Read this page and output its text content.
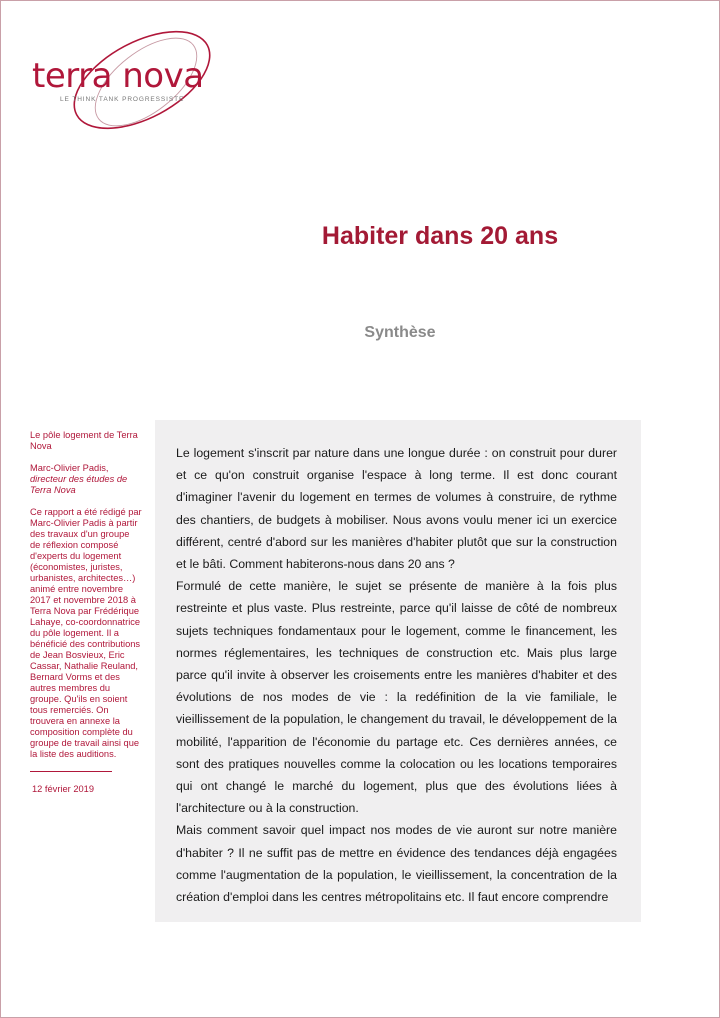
terra nova
LE THINK TANK PROGRESSISTE
Habiter dans 20 ans
Synthèse

Le pôle logement de Terra Nova

Marc-Olivier Padis,
directeur des études de Terra Nova

Ce rapport a été rédigé par Marc-Olivier Padis à partir des travaux d'un groupe de réflexion composé d'experts du logement (économistes, juristes, urbanistes, architectes…) animé entre novembre 2017 et novembre 2018 à Terra Nova par Frédérique Lahaye, co-coordonnatrice du pôle logement. Il a bénéficié des contributions de Jean Bosvieux, Eric Cassar, Nathalie Reuland, Bernard Vorms et des autres membres du groupe. Qu'ils en soient tous remerciés. On trouvera en annexe la composition complète du groupe de travail ainsi que la liste des auditions.

12 février 2019

Le logement s'inscrit par nature dans une longue durée : on construit pour durer et ce qu'on construit organise l'espace à long terme. Il est donc courant d'imaginer l'avenir du logement en termes de volumes à construire, de rythme des chantiers, de budgets à mobiliser. Nous avons voulu mener ici un exercice différent, centré d'abord sur les manières d'habiter plutôt que sur la construction et le bâti. Comment habiterons-nous dans 20 ans ?

Formulé de cette manière, le sujet se présente de manière à la fois plus restreinte et plus vaste. Plus restreinte, parce qu'il laisse de côté de nombreux sujets techniques fondamentaux pour le logement, comme le financement, les normes réglementaires, les techniques de construction etc. Mais plus large parce qu'il invite à observer les croisements entre les manières d'habiter et des évolutions de nos modes de vie : la redéfinition de la vie familiale, le vieillissement de la population, le changement du travail, le développement de la mobilité, l'apparition de l'économie du partage etc. Ces dernières années, ce sont des pratiques nouvelles comme la colocation ou les locations temporaires qui ont changé le marché du logement, plus que des évolutions liées à l'architecture ou à la construction.

Mais comment savoir quel impact nos modes de vie auront sur notre manière d'habiter ? Il ne suffit pas de mettre en évidence des tendances déjà engagées comme l'augmentation de la population, le vieillissement, la concentration de la création d'emploi dans les centres métropolitains etc. Il faut encore comprendre
